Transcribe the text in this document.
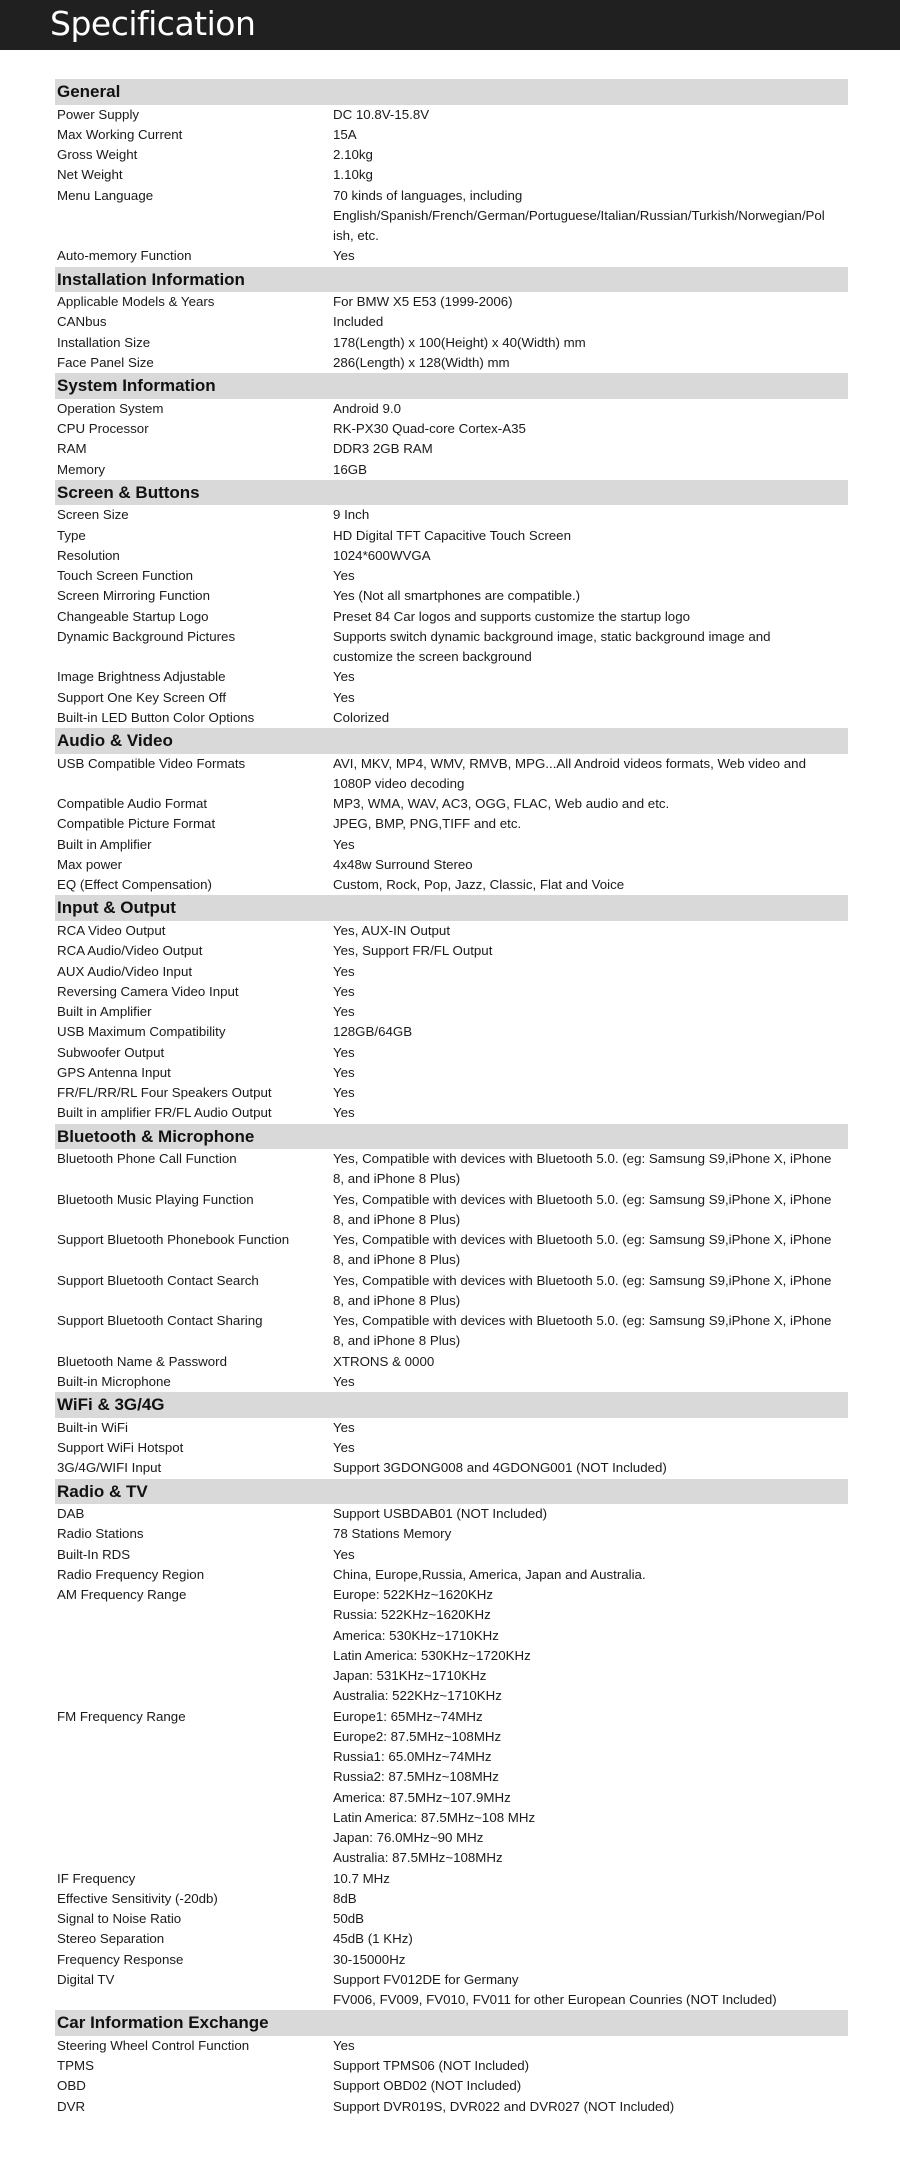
Specification
General
Power Supply	DC 10.8V-15.8V
Max Working Current	15A
Gross Weight	2.10kg
Net Weight	1.10kg
Menu Language	70 kinds of languages, including
English/Spanish/French/German/Portuguese/Italian/Russian/Turkish/Norwegian/Pol
ish, etc.
Auto-memory Function	Yes
Installation Information
Applicable Models & Years	For BMW X5 E53 (1999-2006)
CANbus	Included
Installation Size	178(Length) x 100(Height) x 40(Width) mm
Face Panel Size	286(Length) x 128(Width) mm
System Information
Operation System	Android 9.0
CPU Processor	RK-PX30 Quad-core Cortex-A35
RAM	DDR3 2GB RAM
Memory	16GB
Screen & Buttons
Screen Size	9 Inch
Type	HD Digital TFT Capacitive Touch Screen
Resolution	1024*600WVGA
Touch Screen Function	Yes
Screen Mirroring Function	Yes (Not all smartphones are compatible.)
Changeable Startup Logo	Preset 84 Car logos and supports customize the startup logo
Dynamic Background Pictures	Supports switch dynamic background image, static background image and
customize the screen background
Image Brightness Adjustable	Yes
Support One Key Screen Off	Yes
Built-in LED Button Color Options	Colorized
Audio & Video
USB Compatible Video Formats	AVI, MKV, MP4, WMV, RMVB, MPG...All Android videos formats, Web video and
1080P video decoding
Compatible Audio Format	MP3, WMA, WAV, AC3, OGG, FLAC, Web audio and etc.
Compatible Picture Format	JPEG, BMP, PNG,TIFF and etc.
Built in Amplifier	Yes
Max power	4x48w Surround Stereo
EQ (Effect Compensation)	Custom, Rock, Pop, Jazz, Classic, Flat and Voice
Input & Output
RCA Video Output	Yes, AUX-IN Output
RCA Audio/Video Output	Yes, Support FR/FL Output
AUX Audio/Video Input	Yes
Reversing Camera Video Input	Yes
Built in Amplifier	Yes
USB Maximum Compatibility	128GB/64GB
Subwoofer Output	Yes
GPS Antenna Input	Yes
FR/FL/RR/RL Four Speakers Output	Yes
Built in amplifier FR/FL Audio Output	Yes
Bluetooth & Microphone
Bluetooth Phone Call Function	Yes, Compatible with devices with Bluetooth 5.0. (eg: Samsung S9,iPhone X, iPhone
8, and iPhone 8 Plus)
Bluetooth Music Playing Function	Yes, Compatible with devices with Bluetooth 5.0. (eg: Samsung S9,iPhone X, iPhone
8, and iPhone 8 Plus)
Support Bluetooth Phonebook Function	Yes, Compatible with devices with Bluetooth 5.0. (eg: Samsung S9,iPhone X, iPhone
8, and iPhone 8 Plus)
Support Bluetooth Contact Search	Yes, Compatible with devices with Bluetooth 5.0. (eg: Samsung S9,iPhone X, iPhone
8, and iPhone 8 Plus)
Support Bluetooth Contact Sharing	Yes, Compatible with devices with Bluetooth 5.0. (eg: Samsung S9,iPhone X, iPhone
8, and iPhone 8 Plus)
Bluetooth Name & Password	XTRONS & 0000
Built-in Microphone	Yes
WiFi & 3G/4G
Built-in WiFi	Yes
Support WiFi Hotspot	Yes
3G/4G/WIFI Input	Support 3GDONG008 and 4GDONG001 (NOT Included)
Radio & TV
DAB	Support USBDAB01 (NOT Included)
Radio Stations	78 Stations Memory
Built-In RDS	Yes
Radio Frequency Region	China, Europe,Russia, America, Japan and Australia.
AM Frequency Range	Europe: 522KHz~1620KHz
Russia: 522KHz~1620KHz
America: 530KHz~1710KHz
Latin America: 530KHz~1720KHz
Japan: 531KHz~1710KHz
Australia: 522KHz~1710KHz
FM Frequency Range	Europe1: 65MHz~74MHz
Europe2: 87.5MHz~108MHz
Russia1: 65.0MHz~74MHz
Russia2: 87.5MHz~108MHz
America: 87.5MHz~107.9MHz
Latin America: 87.5MHz~108 MHz
Japan: 76.0MHz~90 MHz
Australia: 87.5MHz~108MHz
IF Frequency	10.7 MHz
Effective Sensitivity (-20db)	8dB
Signal to Noise Ratio	50dB
Stereo Separation	45dB (1 KHz)
Frequency Response	30-15000Hz
Digital TV	Support FV012DE for Germany
FV006, FV009, FV010, FV011 for other European Counries (NOT Included)
Car Information Exchange
Steering Wheel Control Function	Yes
TPMS	Support TPMS06 (NOT Included)
OBD	Support OBD02 (NOT Included)
DVR	Support DVR019S, DVR022 and DVR027 (NOT Included)
